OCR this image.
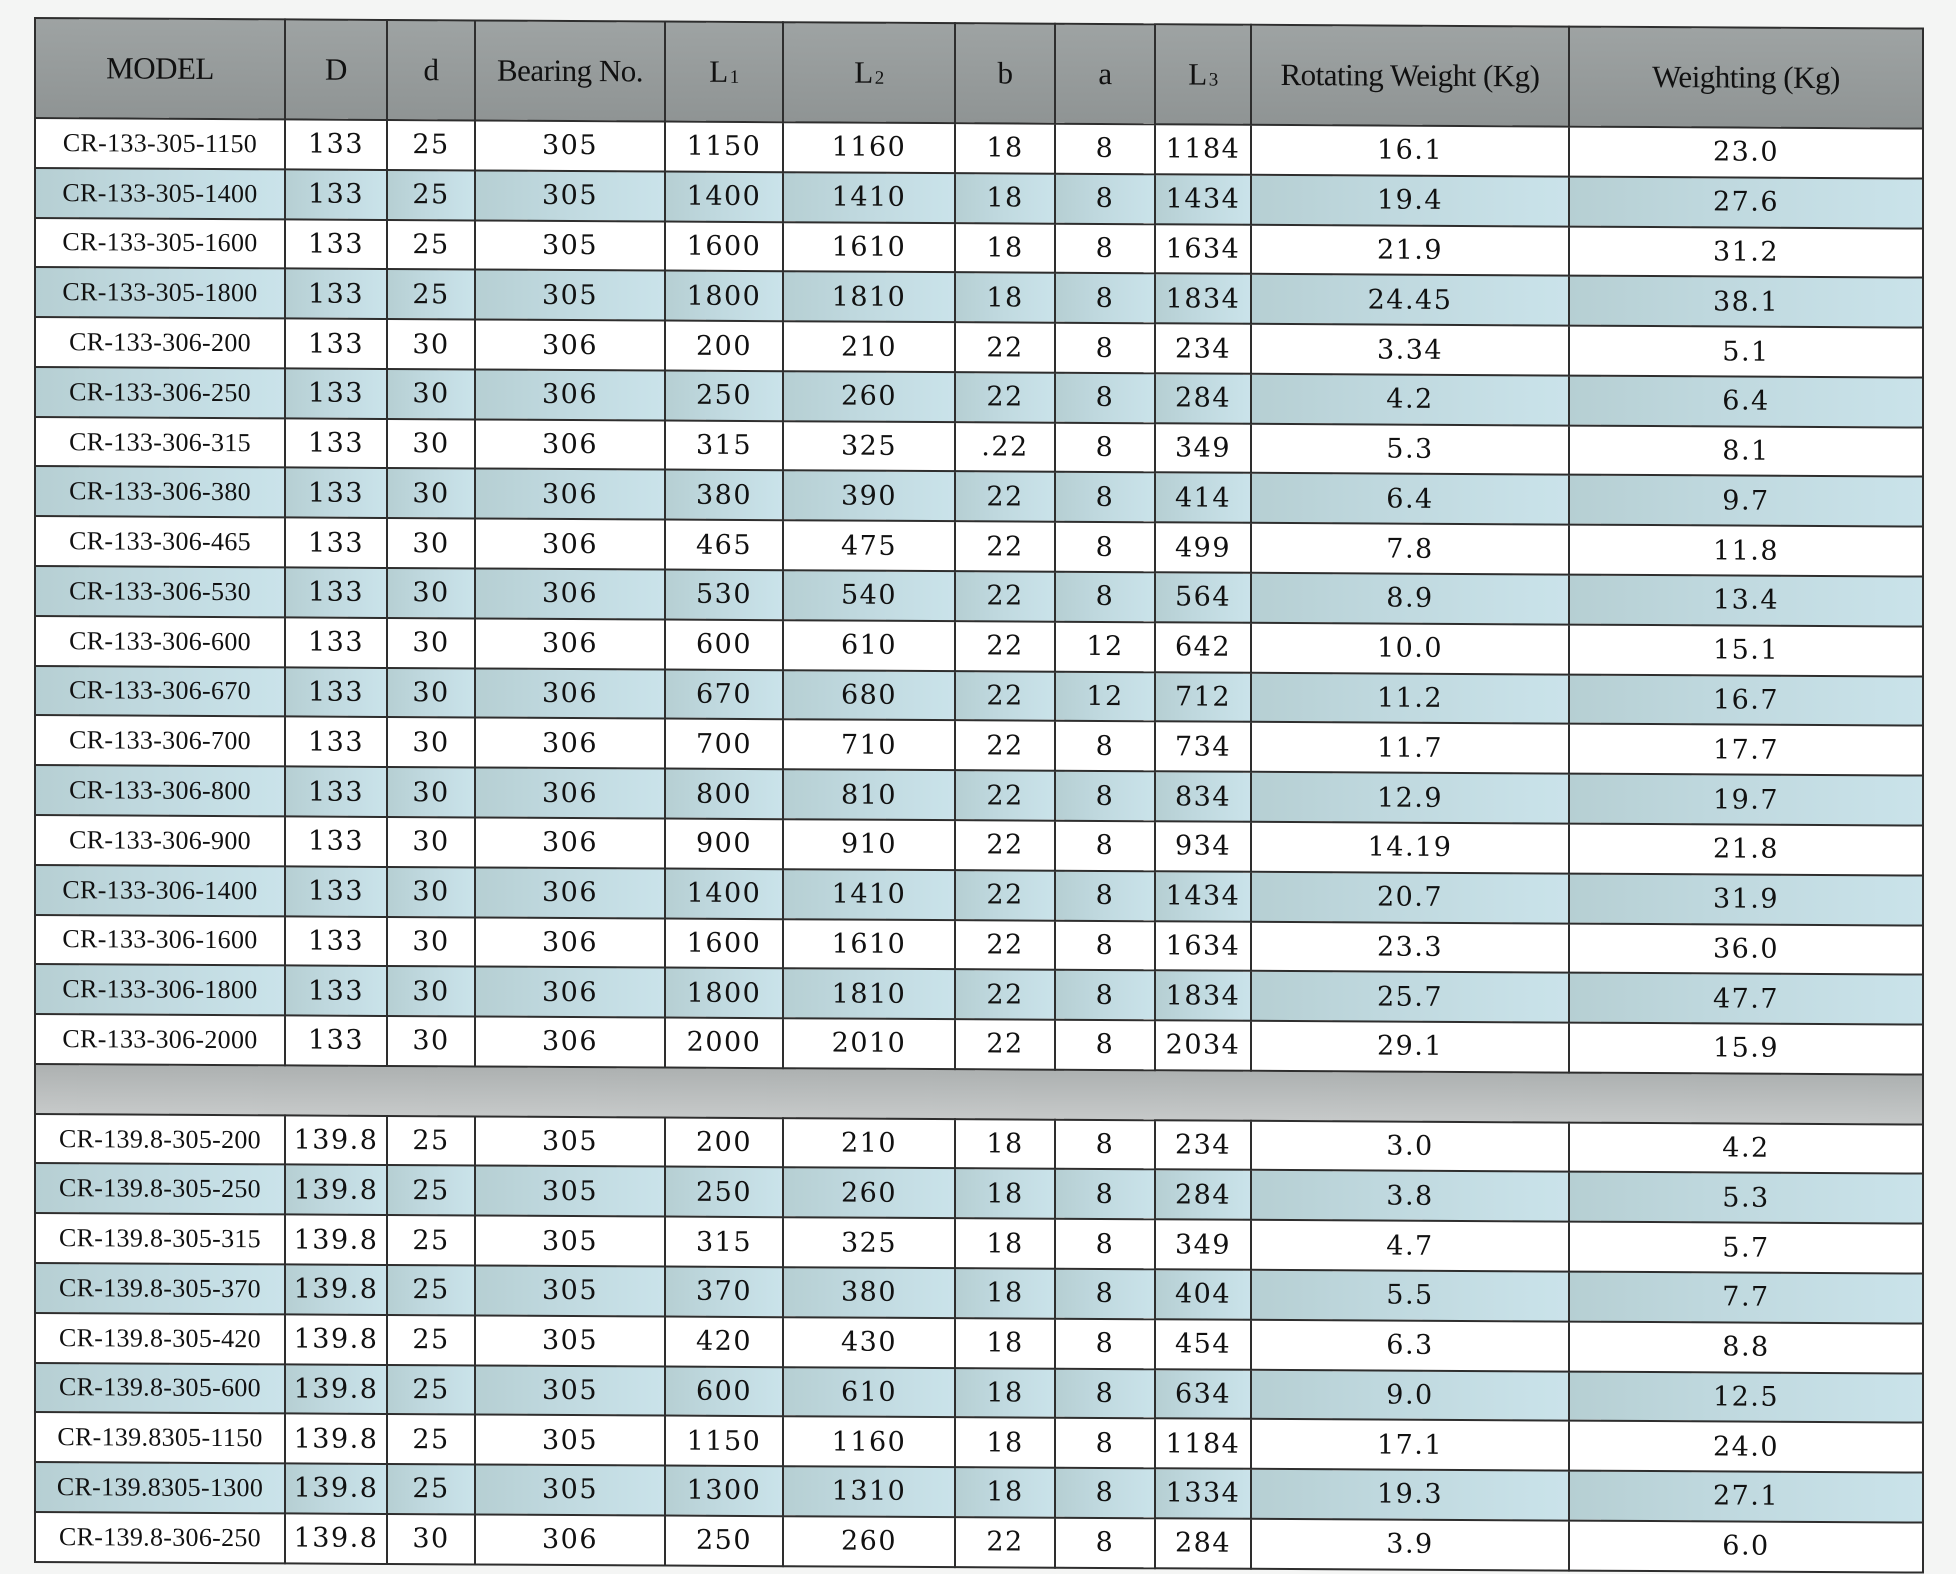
MODEL	D	d	Bearing No.	L 1	L 2	b	a	L 3	Rotating Weight (Kg)	Weighting (Kg)
CR-133-305-1150	133	25	305	1150	1160	18	8	1184	16.1	23.0
CR-133-305-1400	133	25	305	1400	1410	18	8	1434	19.4	27.6
CR-133-305-1600	133	25	305	1600	1610	18	8	1634	21.9	31.2
CR-133-305-1800	133	25	305	1800	1810	18	8	1834	24.45	38.1
CR-133-306-200	133	30	306	200	210	22	8	234	3.34	5.1
CR-133-306-250	133	30	306	250	260	22	8	284	4.2	6.4
CR-133-306-315	133	30	306	315	325	.22	8	349	5.3	8.1
CR-133-306-380	133	30	306	380	390	22	8	414	6.4	9.7
CR-133-306-465	133	30	306	465	475	22	8	499	7.8	11.8
CR-133-306-530	133	30	306	530	540	22	8	564	8.9	13.4
CR-133-306-600	133	30	306	600	610	22	12	642	10.0	15.1
CR-133-306-670	133	30	306	670	680	22	12	712	11.2	16.7
CR-133-306-700	133	30	306	700	710	22	8	734	11.7	17.7
CR-133-306-800	133	30	306	800	810	22	8	834	12.9	19.7
CR-133-306-900	133	30	306	900	910	22	8	934	14.19	21.8
CR-133-306-1400	133	30	306	1400	1410	22	8	1434	20.7	31.9
CR-133-306-1600	133	30	306	1600	1610	22	8	1634	23.3	36.0
CR-133-306-1800	133	30	306	1800	1810	22	8	1834	25.7	47.7
CR-133-306-2000	133	30	306	2000	2010	22	8	2034	29.1	15.9

CR-139.8-305-200	139.8	25	305	200	210	18	8	234	3.0	4.2
CR-139.8-305-250	139.8	25	305	250	260	18	8	284	3.8	5.3
CR-139.8-305-315	139.8	25	305	315	325	18	8	349	4.7	5.7
CR-139.8-305-370	139.8	25	305	370	380	18	8	404	5.5	7.7
CR-139.8-305-420	139.8	25	305	420	430	18	8	454	6.3	8.8
CR-139.8-305-600	139.8	25	305	600	610	18	8	634	9.0	12.5
CR-139.8305-1150	139.8	25	305	1150	1160	18	8	1184	17.1	24.0
CR-139.8305-1300	139.8	25	305	1300	1310	18	8	1334	19.3	27.1
CR-139.8-306-250	139.8	30	306	250	260	22	8	284	3.9	6.0
